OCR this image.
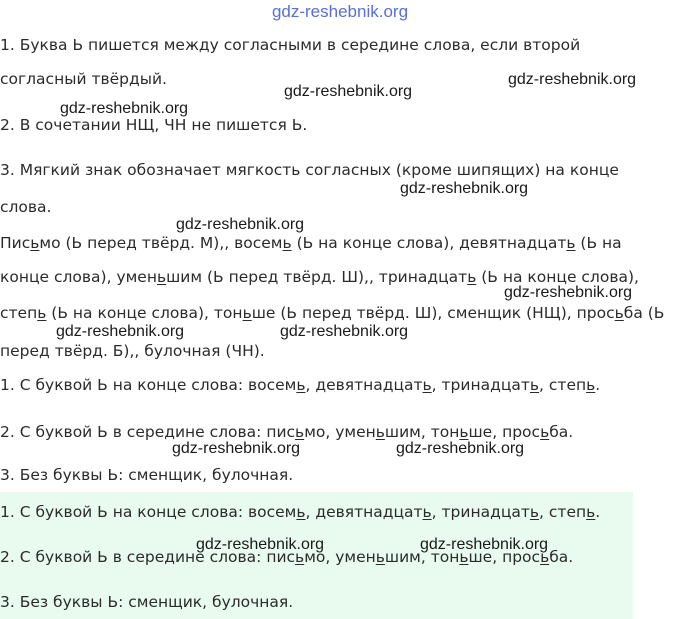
gdz-reshebnik.org
1. Буква Ь пишется между согласными в середине слова, если второй
согласный твёрдый.
2. В сочетании НЩ, ЧН не пишется Ь.
3. Мягкий знак обозначает мягкость согласных (кроме шипящих) на конце
слова.
Письмо (Ь перед твёрд. М),, восемь (Ь на конце слова), девятнадцать (Ь на
конце слова), уменьшим (Ь перед твёрд. Ш),, тринадцать (Ь на конце слова),
степь (Ь на конце слова), тоньше (Ь перед твёрд. Ш), сменщик (НЩ), просьба (Ь
перед твёрд. Б),, булочная (ЧН).
1. С буквой Ь на конце слова: восемь, девятнадцать, тринадцать, степь.
2. С буквой Ь в середине слова: письмо, уменьшим, тоньше, просьба.
3. Без буквы Ь: сменщик, булочная.
1. С буквой Ь на конце слова: восемь, девятнадцать, тринадцать, степь.
2. С буквой Ь в середине слова: письмо, уменьшим, тоньше, просьба.
3. Без буквы Ь: сменщик, булочная.
gdz-reshebnik.org
gdz-reshebnik.org
gdz-reshebnik.org
gdz-reshebnik.org
gdz-reshebnik.org
gdz-reshebnik.org
gdz-reshebnik.org	gdz-reshebnik.org
gdz-reshebnik.org	gdz-reshebnik.org
gdz-reshebnik.org	gdz-reshebnik.org
